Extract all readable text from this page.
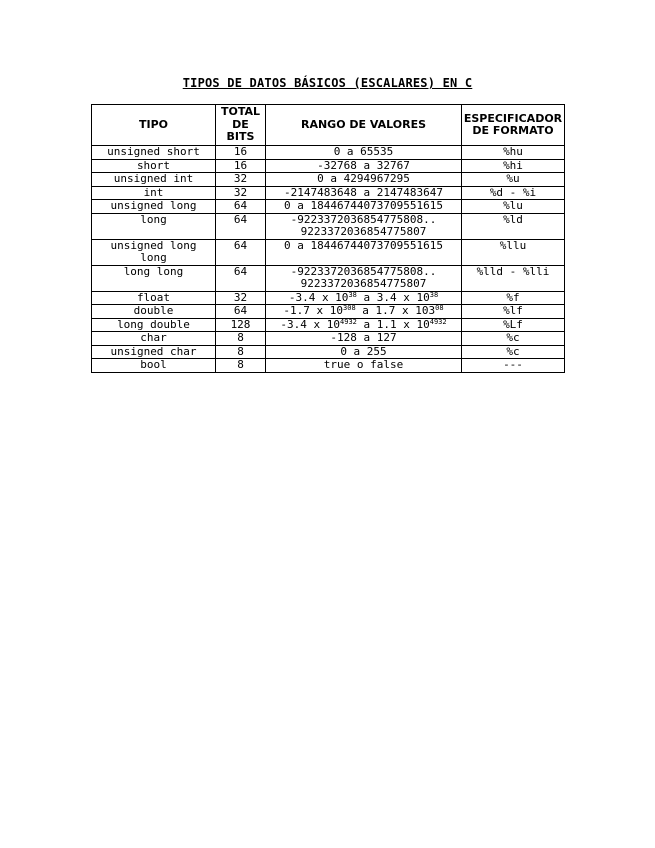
TIPOS DE DATOS BÁSICOS (ESCALARES) EN C
TIPO	TOTAL DE BITS	RANGO DE VALORES	ESPECIFICADOR DE FORMATO
unsigned short	16	0 a 65535	%hu
short	16	-32768 a 32767	%hi
unsigned int	32	0 a 4294967295	%u
int	32	-2147483648 a 2147483647	%d - %i
unsigned long	64	0 a 18446744073709551615	%lu
long	64	-9223372036854775808.. 9223372036854775807	%ld
unsigned long long	64	0 a 18446744073709551615	%llu
long long	64	-9223372036854775808.. 9223372036854775807	%lld - %lli
float	32	-3.4 x $10^{38}$ a 3.4 x $10^{38}$	%f
double	64	-1.7 x $10^{308}$ a 1.7 x $103^{08}$	%lf
long double	128	-3.4 x $10^{4932}$ a 1.1 x $10^{4932}$	%Lf
char	8	-128 a 127	%c
unsigned char	8	0 a 255	%c
bool	8	true o false	---
